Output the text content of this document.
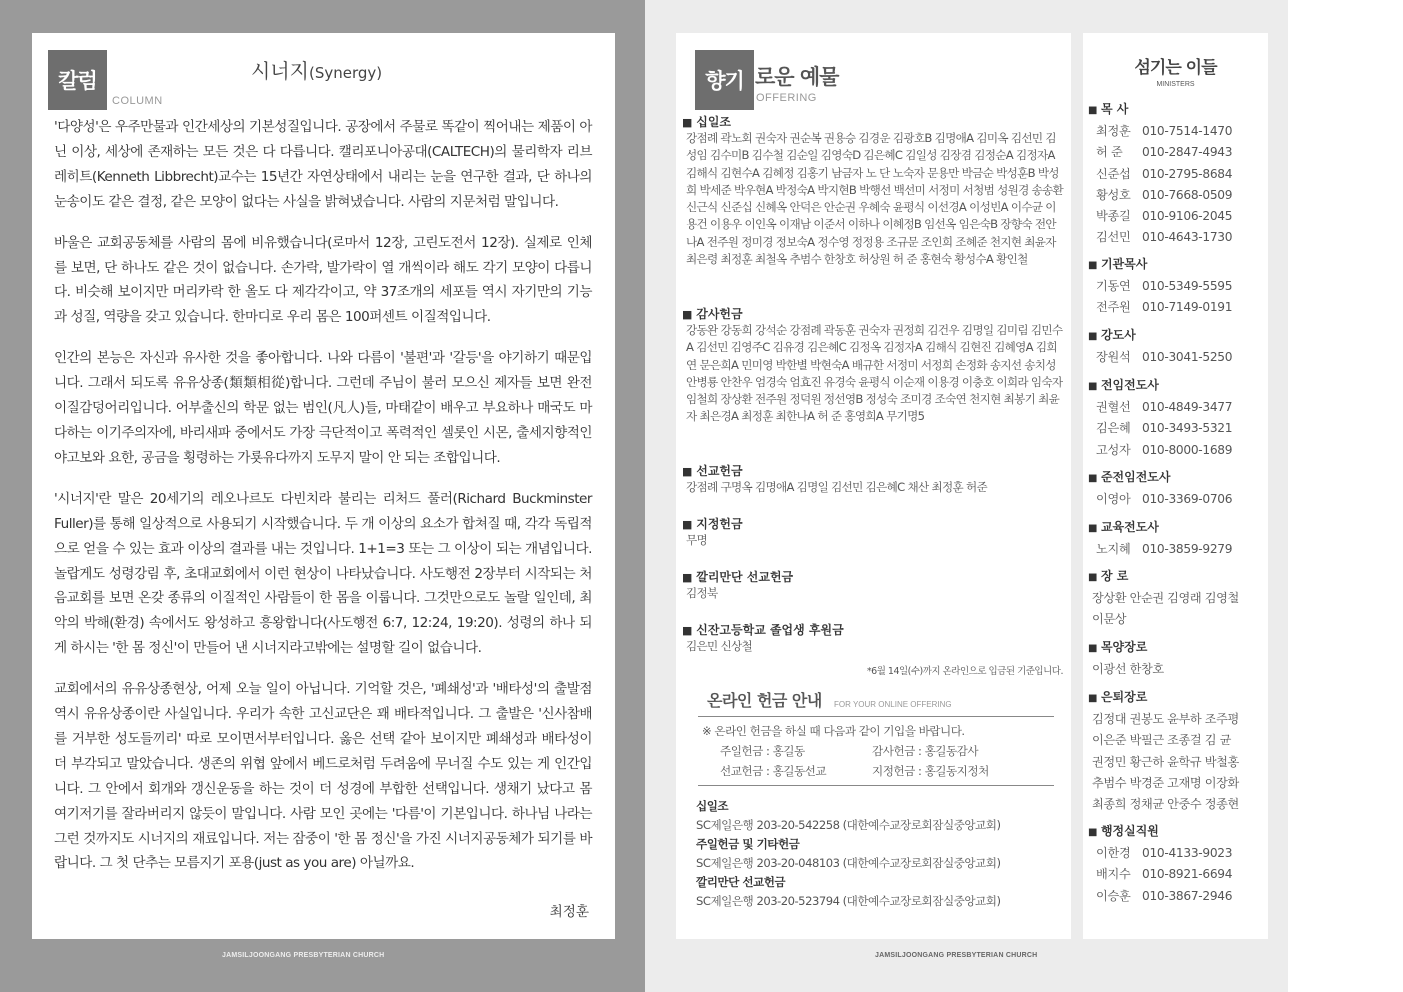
JAMSILJOONGANG PRESBYTERIAN CHURCH	JAMSILJOONGANG PRESBYTERIAN CHURCH
칼럼
COLUMN
시너지(Synergy)

'다양성'은 우주만물과 인간세상의 기본성질입니다. 공장에서 주물로 똑같이 찍어내는 제품이 아닌 이상, 세상에 존재하는 모든 것은 다 다릅니다. 캘리포니아공대(CALTECH)의 물리학자 리브레히트(Kenneth Libbrecht)교수는 15년간 자연상태에서 내리는 눈을 연구한 결과, 단 하나의 눈송이도 같은 결정, 같은 모양이 없다는 사실을 밝혀냈습니다. 사람의 지문처럼 말입니다.

바울은 교회공동체를 사람의 몸에 비유했습니다(로마서 12장, 고린도전서 12장). 실제로 인체를 보면, 단 하나도 같은 것이 없습니다. 손가락, 발가락이 열 개씩이라 해도 각기 모양이 다릅니다. 비슷해 보이지만 머리카락 한 올도 다 제각각이고, 약 37조개의 세포들 역시 자기만의 기능과 성질, 역량을 갖고 있습니다. 한마디로 우리 몸은 100퍼센트 이질적입니다.

인간의 본능은 자신과 유사한 것을 좋아합니다. 나와 다름이 '불편'과 '갈등'을 야기하기 때문입니다. 그래서 되도록 유유상종(類類相從)합니다. 그런데 주님이 불러 모으신 제자들 보면 완전 이질감덩어리입니다. 어부출신의 학문 없는 범인(凡人)들, 마태같이 배우고 부요하나 매국도 마다하는 이기주의자에, 바리새파 중에서도 가장 극단적이고 폭력적인 셀롯인 시몬, 출세지향적인 야고보와 요한, 공금을 횡령하는 가룟유다까지 도무지 말이 안 되는 조합입니다.

'시너지'란 말은 20세기의 레오나르도 다빈치라 불리는 리처드 풀러(Richard Buckminster Fuller)를 통해 일상적으로 사용되기 시작했습니다. 두 개 이상의 요소가 합쳐질 때, 각각 독립적으로 얻을 수 있는 효과 이상의 결과를 내는 것입니다. 1+1=3 또는 그 이상이 되는 개념입니다. 놀랍게도 성령강림 후, 초대교회에서 이런 현상이 나타났습니다. 사도행전 2장부터 시작되는 처음교회를 보면 온갖 종류의 이질적인 사람들이 한 몸을 이룹니다. 그것만으로도 놀랄 일인데, 최악의 박해(환경) 속에서도 왕성하고 흥왕합니다(사도행전 6:7, 12:24, 19:20). 성령의 하나 되게 하시는 '한 몸 정신'이 만들어 낸 시너지라고밖에는 설명할 길이 없습니다.

교회에서의 유유상종현상, 어제 오늘 일이 아닙니다. 기억할 것은, '폐쇄성'과 '배타성'의 출발점 역시 유유상종이란 사실입니다. 우리가 속한 고신교단은 꽤 배타적입니다. 그 출발은 '신사참배를 거부한 성도들끼리' 따로 모이면서부터입니다. 옳은 선택 같아 보이지만 폐쇄성과 배타성이 더 부각되고 말았습니다. 생존의 위협 앞에서 베드로처럼 두려움에 무너질 수도 있는 게 인간입니다. 그 안에서 회개와 갱신운동을 하는 것이 더 성경에 부합한 선택입니다. 생채기 났다고 몸 여기저기를 잘라버리지 않듯이 말입니다. 사람 모인 곳에는 '다름'이 기본입니다. 하나님 나라는 그런 것까지도 시너지의 재료입니다. 저는 잠중이 '한 몸 정신'을 가진 시너지공동체가 되기를 바랍니다. 그 첫 단추는 모름지기 포용(just as you are) 아닐까요.

최정훈
향기 로운 예물
OFFERING
■ 십일조
강점례 곽노회 권숙자 권순복 권용승 김경운 김광호B 김명애A 김미옥 김선민 김성임 김수미B 김수철 김순일 김영숙D 김은혜C 김일성 김장겸 김정순A 김정자A 김해식 김현수A 김혜정 김홍기 남금자 노 단 노숙자 문용만 박금순 박성훈B 박성희 박세준 박우현A 박정숙A 박지현B 박행선 백선미 서정미 서청범 성원경 송송환 신근식 신준십 신혜옥 안덕은 안순권 우혜숙 윤평식 이선경A 이성빈A 이수균 이용건 이용우 이인옥 이재남 이준서 이하나 이혜정B 임선옥 임은숙B 장향숙 전안나A 전주원 정미경 정보숙A 정수영 정정용 조규문 조인희 조혜준 천지현 최윤자 최은령 최정훈 최철옥 추범수 한창호 허상원 허 준 홍현숙 황성수A 황인철
■ 감사헌금
강동완 강동희 강석순 강점례 곽동훈 권숙자 권정희 김건우 김명일 김미림 김민수A 김선민 김영주C 김유경 김은혜C 김정옥 김정자A 김해식 김현진 김혜영A 김희연 문은희A 민미영 박한별 박현숙A 배규한 서정미 서정희 손정화 송지선 송치성 안병룡 안찬우 엄경숙 엄효진 유경숙 윤평식 이순재 이용경 이충호 이희라 임숙자 임철희 장상환 전주원 정덕원 정선영B 정성숙 조미경 조숙연 천지현 최봉기 최윤자 최은경A 최정훈 최한나A 허 준 홍영희A 무기명5
■ 선교헌금
강점례 구명옥 김명애A 김명일 김선민 김은혜C 채산 최정훈 허준
■ 지정헌금
무명
■ 깔리만단 선교헌금
김정북
■ 신잔고등학교 졸업생 후원금
김은민 신상철
*6월 14일(수)까지 온라인으로 입금된 기준입니다.
온라인 헌금 안내 FOR YOUR ONLINE OFFERING
※ 온라인 헌금을 하실 때 다음과 같이 기입을 바랍니다.
주일헌금 : 홍길동	감사헌금 : 홍길동감사
선교헌금 : 홍길동선교	지정헌금 : 홍길동지정처
십일조
SC제일은행 203-20-542258 (대한예수교장로회잠실중앙교회)
주일헌금 및 기타헌금
SC제일은행 203-20-048103 (대한예수교장로회잠실중앙교회)
깔리만단 선교헌금
SC제일은행 203-20-523794 (대한예수교장로회잠실중앙교회)
섬기는 이들
MINISTERS
■ 목 사
최정훈 010-7514-1470
허 준	010-2847-4943
신준섭 010-2795-8684
황성호 010-7668-0509
박종길 010-9106-2045
김선민 010-4643-1730
■ 기관목사
기동연 010-5349-5595
전주원 010-7149-0191
■ 강도사
장원석 010-3041-5250
■ 전임전도사
권혈선 010-4849-3477
김은혜 010-3493-5321
고성자 010-8000-1689
■ 준전임전도사
이영아 010-3369-0706
■ 교육전도사
노지혜 010-3859-9279
■ 장 로
장상환 안순권 김영래 김영철
이문상
■ 목양장로
이광선 한창호
■ 은퇴장로
김정대 권봉도 윤부하 조주평
이은준 박필근 조종걸 김 균
권정민 황근하 윤학규 박철홍
추범수 박경준 고재명 이장화
최종희 정채균 안중수 정종현
■ 행정실직원
이한경 010-4133-9023
배지수 010-8921-6694
이승훈 010-3867-2946
